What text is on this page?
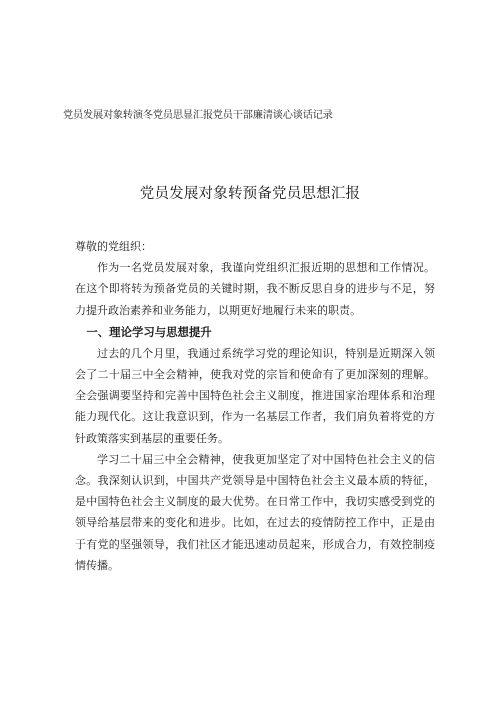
党员发展对象转演冬党员思显汇报党员干部廉清谈心谈话记录
党员发展对象转预备党员思想汇报

尊敬的党组织：

作为一名党员发展对象，我谨向党组织汇报近期的思想和工作情况。在这个即将转为预备党员的关键时期，我不断反思自身的进步与不足，努力提升政治素养和业务能力，以期更好地履行未来的职责。

一、理论学习与思想提升

过去的几个月里，我通过系统学习党的理论知识，特别是近期深入领会了二十届三中全会精神，使我对党的宗旨和使命有了更加深刻的理解。全会强调要坚持和完善中国特色社会主义制度，推进国家治理体系和治理能力现代化。这让我意识到，作为一名基层工作者，我们肩负着将党的方针政策落实到基层的重要任务。

学习二十届三中全会精神，使我更加坚定了对中国特色社会主义的信念。我深刻认识到，中国共产党领导是中国特色社会主义最本质的特征，是中国特色社会主义制度的最大优势。在日常工作中，我切实感受到党的领导给基层带来的变化和进步。比如，在过去的疫情防控工作中，正是由于有党的坚强领导，我们社区才能迅速动员起来，形成合力，有效控制疫情传播。
